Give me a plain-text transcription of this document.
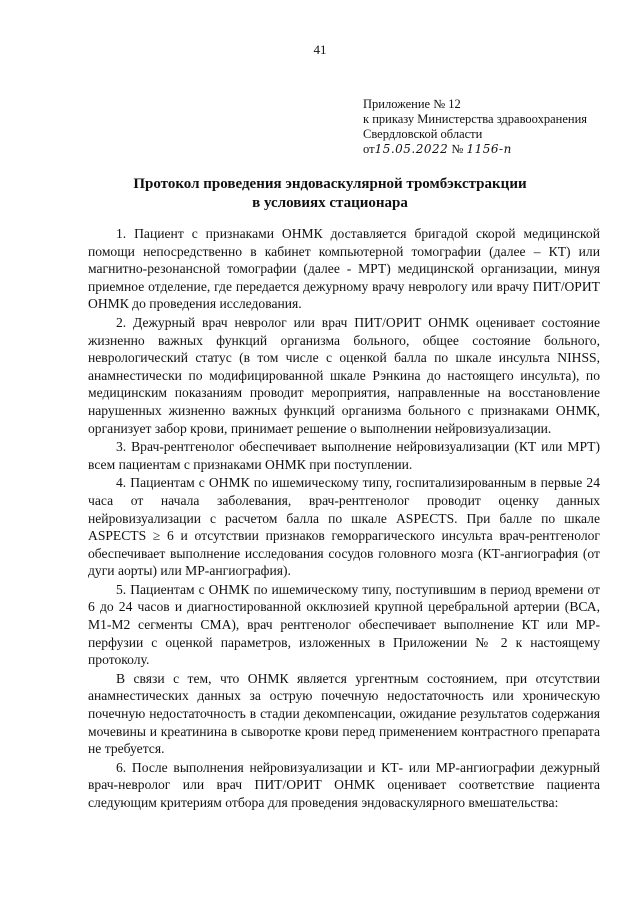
41
Приложение № 12
к приказу Министерства здравоохранения
Свердловской области
от15.05.2022 № 1156-п
Протокол проведения эндоваскулярной тромбэкстракции
в условиях стационара

1. Пациент с признаками ОНМК доставляется бригадой скорой медицинской помощи непосредственно в кабинет компьютерной томографии (далее – КТ) или магнитно-резонансной томографии (далее - МРТ) медицинской организации, минуя приемное отделение, где передается дежурному врачу неврологу или врачу ПИТ/ОРИТ ОНМК до проведения исследования.

2. Дежурный врач невролог или врач ПИТ/ОРИТ ОНМК оценивает состояние жизненно важных функций организма больного, общее состояние больного, неврологический статус (в том числе с оценкой балла по шкале инсульта NIHSS, анамнестически по модифицированной шкале Рэнкина до настоящего инсульта), по медицинским показаниям проводит мероприятия, направленные на восстановление нарушенных жизненно важных функций организма больного с признаками ОНМК, организует забор крови, принимает решение о выполнении нейровизуализации.

3. Врач-рентгенолог обеспечивает выполнение нейровизуализации (КТ или МРТ) всем пациентам с признаками ОНМК при поступлении.

4. Пациентам с ОНМК по ишемическому типу, госпитализированным в первые 24 часа от начала заболевания, врач-рентгенолог проводит оценку данных нейровизуализации с расчетом балла по шкале ASPECTS. При балле по шкале ASPECTS ≥ 6 и отсутствии признаков геморрагического инсульта врач-рентгенолог обеспечивает выполнение исследования сосудов головного мозга (КТ-ангиография (от дуги аорты) или МР-ангиография).

5. Пациентам с ОНМК по ишемическому типу, поступившим в период времени от 6 до 24 часов и диагностированной окклюзией крупной церебральной артерии (ВСА, М1-М2 сегменты СМА), врач рентгенолог обеспечивает выполнение КТ или МР-перфузии с оценкой параметров, изложенных в Приложении № 2 к настоящему протоколу.

В связи с тем, что ОНМК является ургентным состоянием, при отсутствии анамнестических данных за острую почечную недостаточность или хроническую почечную недостаточность в стадии декомпенсации, ожидание результатов содержания мочевины и креатинина в сыворотке крови перед применением контрастного препарата не требуется.

6. После выполнения нейровизуализации и КТ- или МР-ангиографии дежурный врач-невролог или врач ПИТ/ОРИТ ОНМК оценивает соответствие пациента следующим критериям отбора для проведения эндоваскулярного вмешательства:
